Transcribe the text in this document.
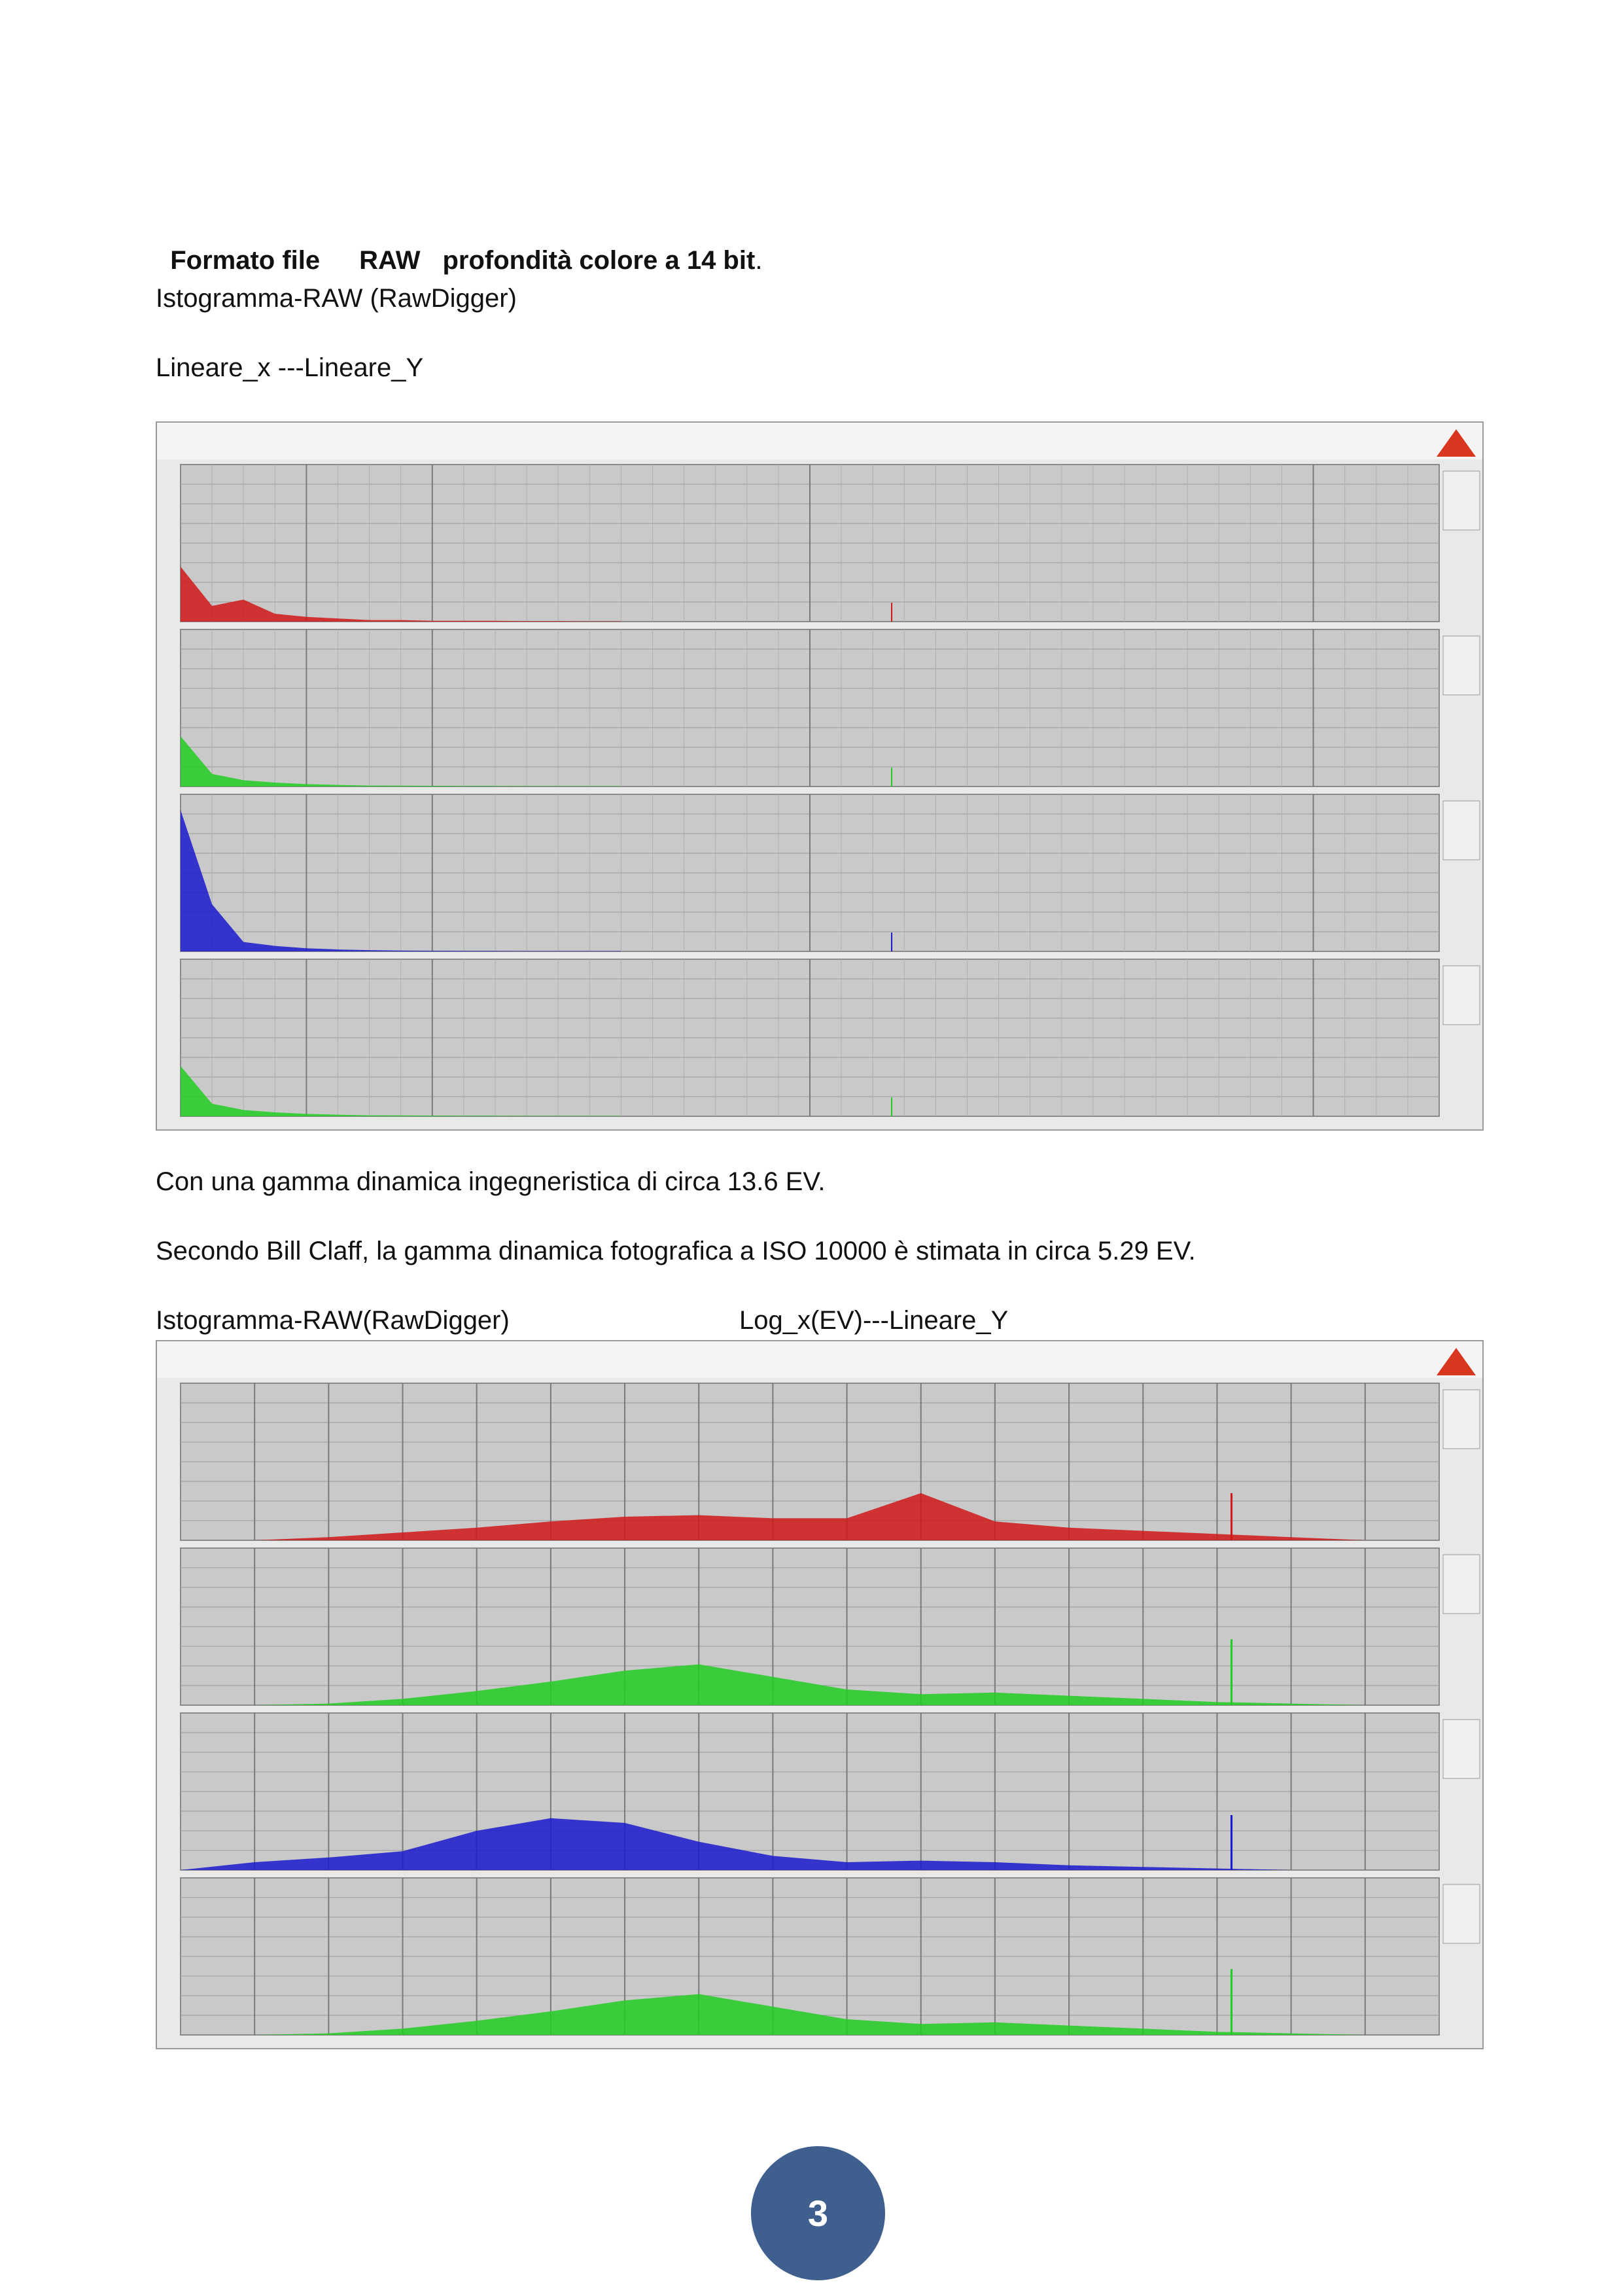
Formato file RAW profondità colore a 14 bit.

Istogramma-RAW (RawDigger)
Lineare_x ---Lineare_Y
Con una gamma dinamica ingegneristica di circa 13.6 EV.
Secondo Bill Claff, la gamma dinamica fotografica a ISO 10000 è stimata in circa 5.29 EV.
Istogramma-RAW(RawDigger)	Log_x(EV)---Lineare_Y
3
